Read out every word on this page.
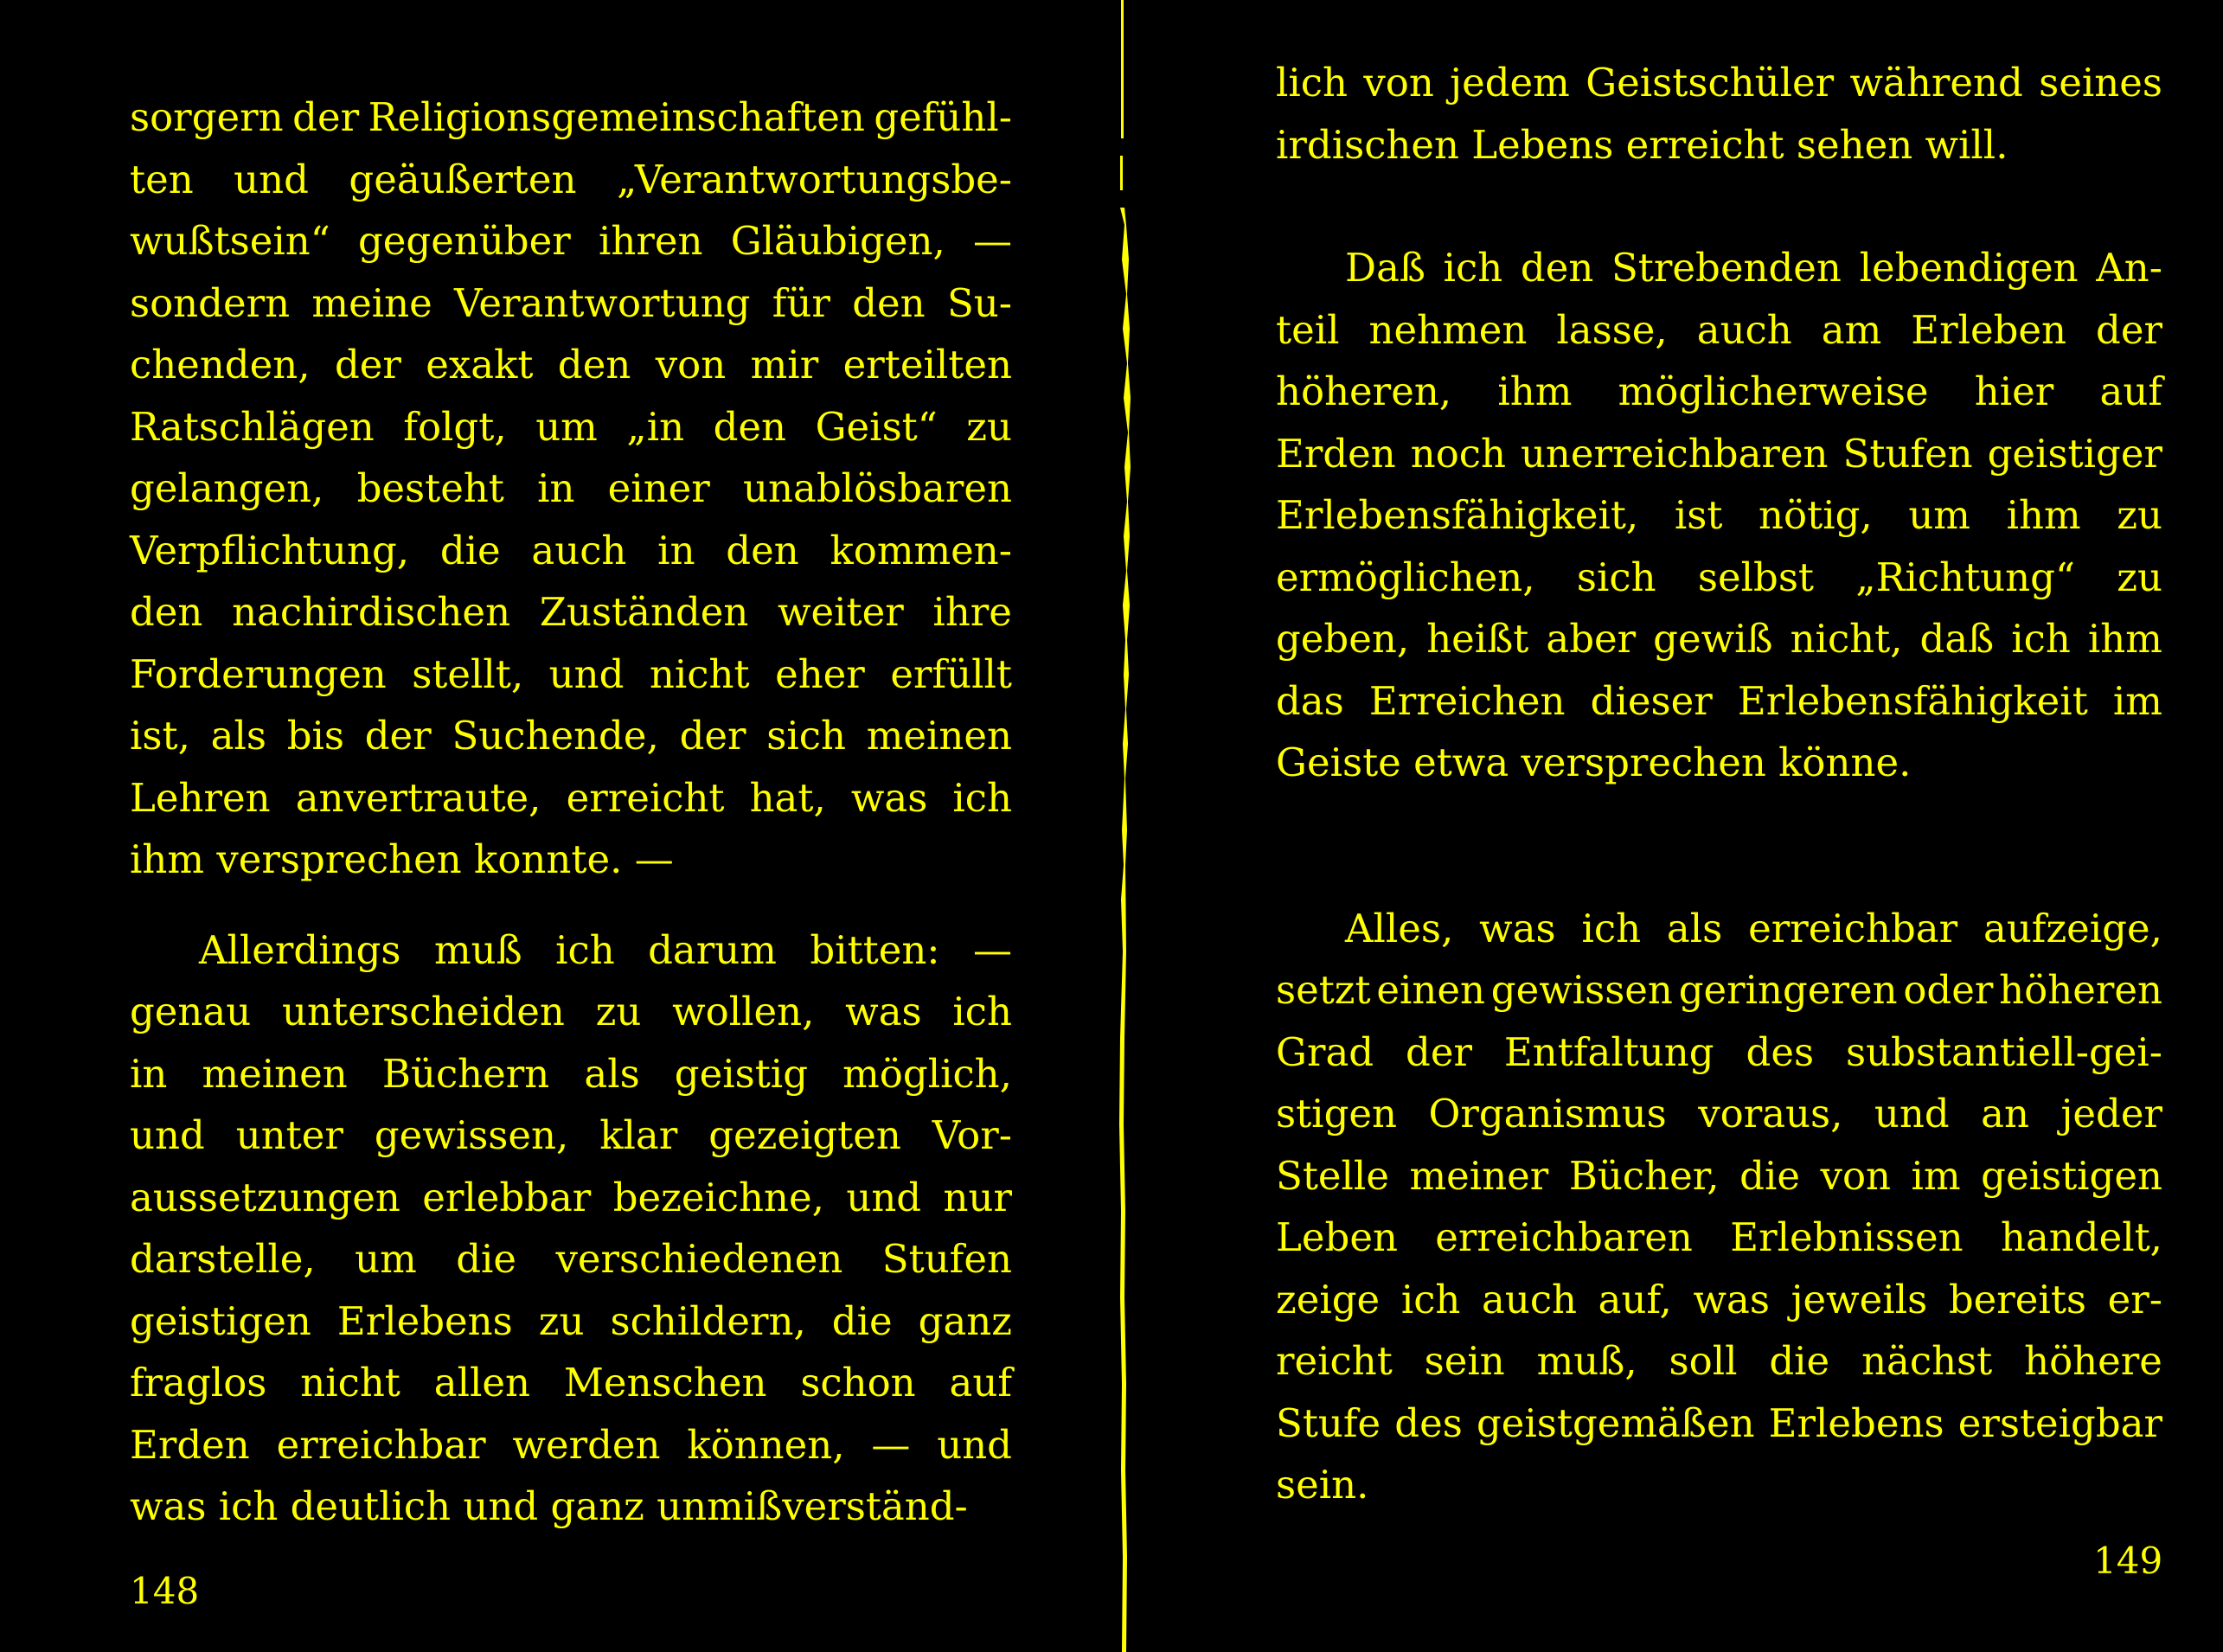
sorgern der Religionsgemeinschaften gefühl-
ten und geäußerten „Verantwortungsbe-
wußtsein“ gegenüber ihren Gläubigen, —
sondern meine Verantwortung für den Su-
chenden, der exakt den von mir erteilten
Ratschlägen folgt, um „in den Geist“ zu
gelangen, besteht in einer unablösbaren
Verpflichtung, die auch in den kommen-
den nachirdischen Zuständen weiter ihre
Forderungen stellt, und nicht eher erfüllt
ist, als bis der Suchende, der sich meinen
Lehren anvertraute, erreicht hat, was ich
ihm versprechen konnte. —
Allerdings muß ich darum bitten: —
genau unterscheiden zu wollen, was ich
in meinen Büchern als geistig möglich,
und unter gewissen, klar gezeigten Vor-
aussetzungen erlebbar bezeichne, und nur
darstelle, um die verschiedenen Stufen
geistigen Erlebens zu schildern, die ganz
fraglos nicht allen Menschen schon auf
Erden erreichbar werden können, — und
was ich deutlich und ganz unmißverständ-
lich von jedem Geistschüler während seines
irdischen Lebens erreicht sehen will.
Daß ich den Strebenden lebendigen An-
teil nehmen lasse, auch am Erleben der
höheren, ihm möglicherweise hier auf
Erden noch unerreichbaren Stufen geistiger
Erlebensfähigkeit, ist nötig, um ihm zu
ermöglichen, sich selbst „Richtung“ zu
geben, heißt aber gewiß nicht, daß ich ihm
das Erreichen dieser Erlebensfähigkeit im
Geiste etwa versprechen könne.
Alles, was ich als erreichbar aufzeige,
setzt einen gewissen geringeren oder höheren
Grad der Entfaltung des substantiell-gei-
stigen Organismus voraus, und an jeder
Stelle meiner Bücher, die von im geistigen
Leben erreichbaren Erlebnissen handelt,
zeige ich auch auf, was jeweils bereits er-
reicht sein muß, soll die nächst höhere
Stufe des geistgemäßen Erlebens ersteigbar
sein.
148
149
